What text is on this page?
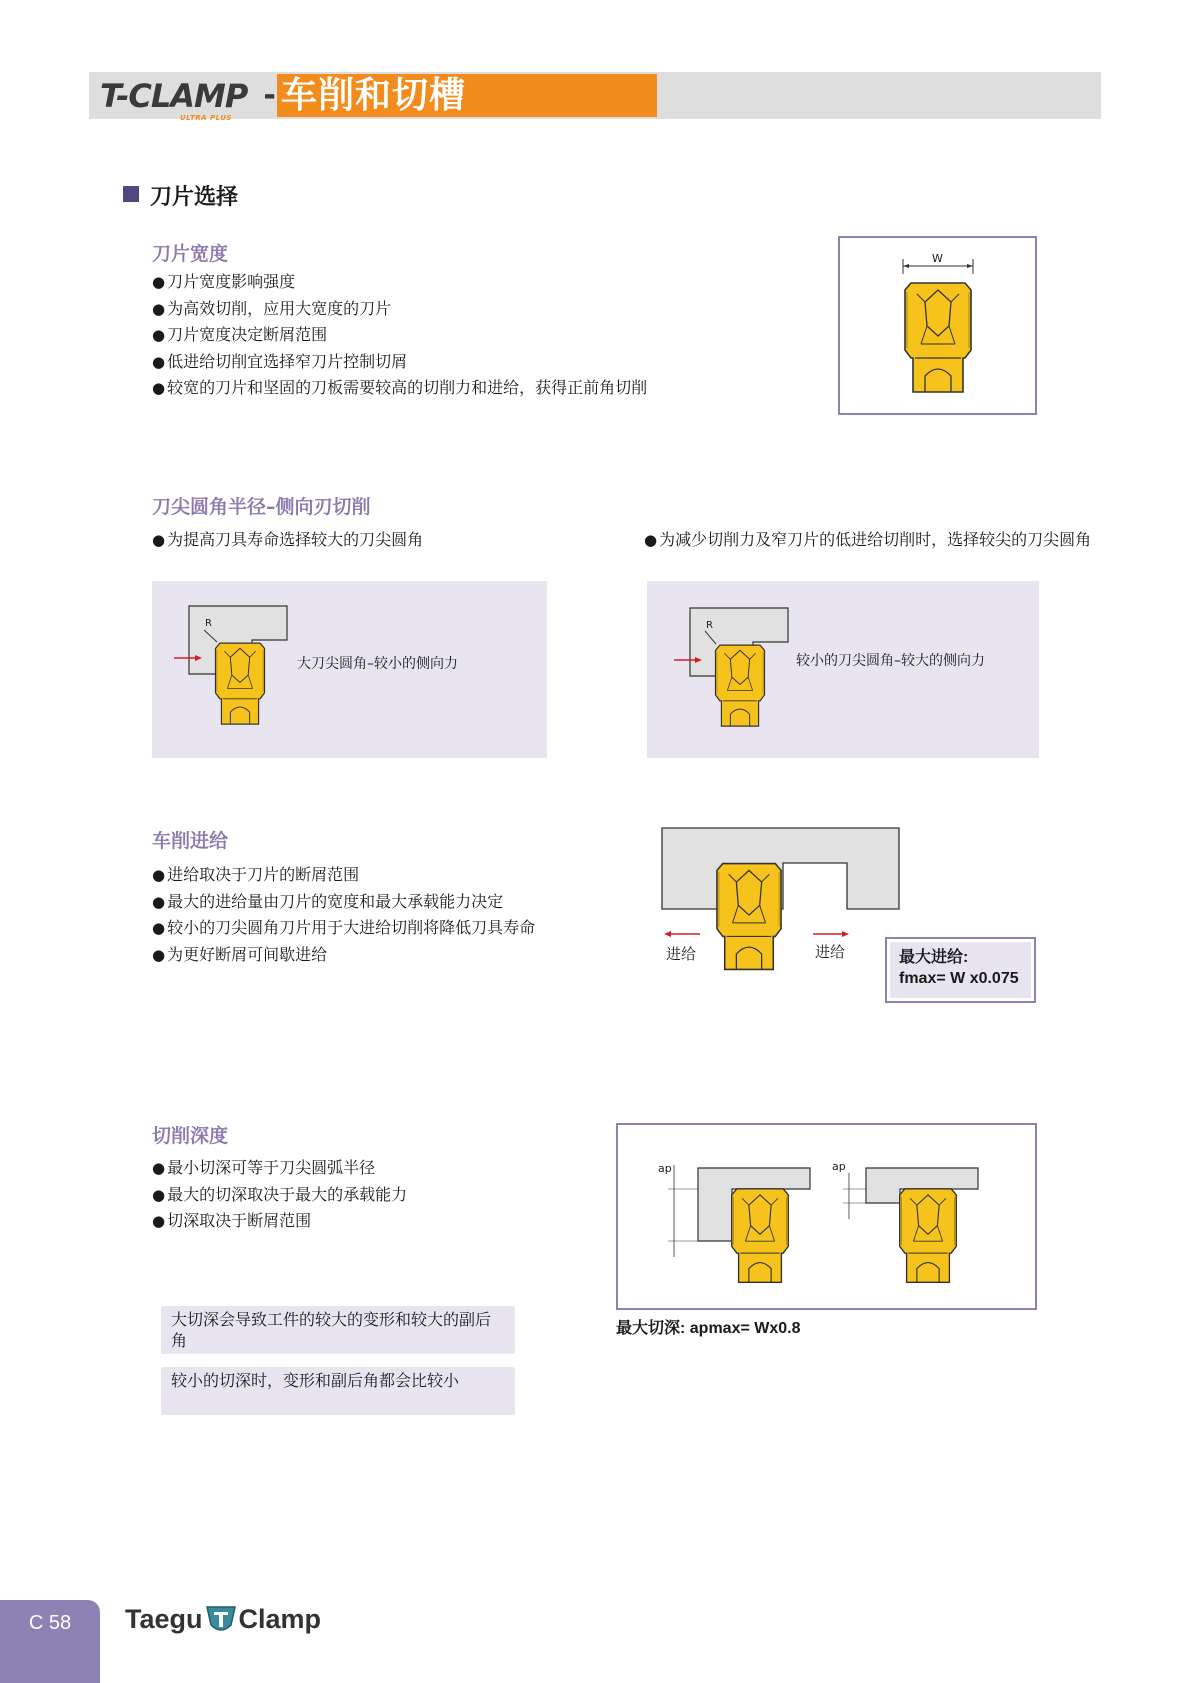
T-CLAMP
ULTRA PLUS
- 车削和切槽
刀片选择
刀片宽度
● 刀片宽度影响强度
● 为高效切削，应用大宽度的刀片
● 刀片宽度决定断屑范围
● 低进给切削宜选择窄刀片控制切屑
● 较宽的刀片和坚固的刀板需要较高的切削力和进给，获得正前角切削
W
刀尖圆角半径–侧向刃切削
● 为提高刀具寿命选择较大的刀尖圆角	● 为减少切削力及窄刀片的低进给切削时，选择较尖的刀尖圆角
R
大刀尖圆角–较小的侧向力
R
较小的刀尖圆角–较大的侧向力
车削进给
● 进给取决于刀片的断屑范围
● 最大的进给量由刀片的宽度和最大承载能力决定
● 较小的刀尖圆角刀片用于大进给切削将降低刀具寿命
● 为更好断屑可间歇进给	进给	进给	最大进给:
fmax= W x0.075
切削深度
● 最小切深可等于刀尖圆弧半径
● 最大的切深取决于最大的承载能力
● 切深取决于断屑范围
ap	ap
最大切深: apmax= Wx0.8
大切深会导致工件的较大的变形和较大的副后角
较小的切深时，变形和副后角都会比较小
C 58	Taegu Clamp
